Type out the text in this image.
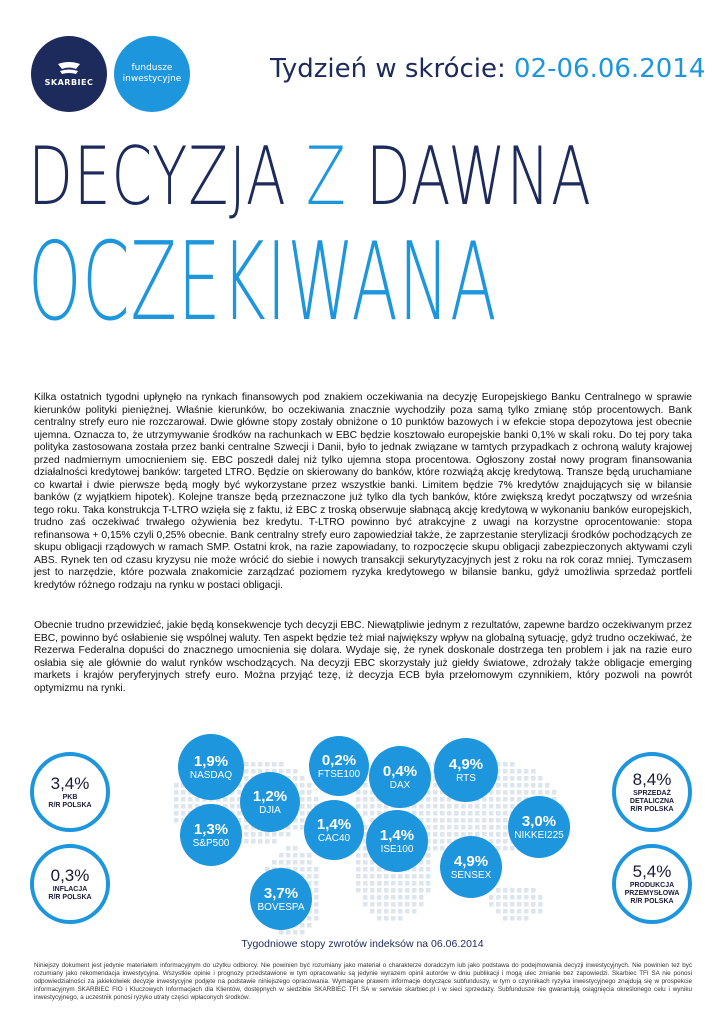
SKARBIEC
fundusze
inwestycyjne	Tydzień w skrócie: 02-06.06.2014
DECYZJA Z DAWNA
OCZEKIWANA
Kilka ostatnich tygodni upłynęło na rynkach finansowych pod znakiem oczekiwania na decyzję Europejskiego Banku Centralnego w sprawie kierunków polityki pieniężnej. Właśnie kierunków, bo oczekiwania znacznie wychodziły poza samą tylko zmianę stóp procentowych. Bank centralny strefy euro nie rozczarował. Dwie główne stopy zostały obniżone o 10 punktów bazowych i w efekcie stopa depozytowa jest obecnie ujemna. Oznacza to, że utrzymywanie środków na rachunkach w EBC będzie kosztowało europejskie banki 0,1% w skali roku. Do tej pory taka polityka zastosowana została przez banki centralne Szwecji i Danii, było to jednak związane w tamtych przypadkach z ochroną waluty krajowej przed nadmiernym umocnieniem się. EBC poszedł dalej niż tylko ujemna stopa procentowa. Ogłoszony został nowy program finansowania działalności kredytowej banków: targeted LTRO. Będzie on skierowany do banków, które rozwiążą akcję kredytową. Transze będą uruchamiane co kwartał i dwie pierwsze będą mogły być wykorzystane przez wszystkie banki. Limitem będzie 7% kredytów znajdujących się w bilansie banków (z wyjątkiem hipotek). Kolejne transze będą przeznaczone już tylko dla tych banków, które zwiększą kredyt początwszy od września tego roku. Taka konstrukcja T-LTRO wzięła się z faktu, iż EBC z troską obserwuje słabnącą akcję kredytową w wykonaniu banków europejskich, trudno zaś oczekiwać trwałego ożywienia bez kredytu. T-LTRO powinno być atrakcyjne z uwagi na korzystne oprocentowanie: stopa refinansowa + 0,15% czyli 0,25% obecnie. Bank centralny strefy euro zapowiedział także, że zaprzestanie sterylizacji środków pochodzących ze skupu obligacji rządowych w ramach SMP. Ostatni krok, na razie zapowiadany, to rozpoczęcie skupu obligacji zabezpieczonych aktywami czyli ABS. Rynek ten od czasu kryzysu nie może wrócić do siebie i nowych transakcji sekurytyzacyjnych jest z roku na rok coraz mniej. Tymczasem jest to narzędzie, które pozwala znakomicie zarządzać poziomem ryzyka kredytowego w bilansie banku, gdyż umożliwia sprzedaż portfeli kredytów różnego rodzaju na rynku w postaci obligacji.
Obecnie trudno przewidzieć, jakie będą konsekwencje tych decyzji EBC. Niewątpliwie jednym z rezultatów, zapewne bardzo oczekiwanym przez EBC, powinno być osłabienie się wspólnej waluty. Ten aspekt będzie też miał największy wpływ na globalną sytuację, gdyż trudno oczekiwać, że Rezerwa Federalna dopuści do znacznego umocnienia się dolara. Wydaje się, że rynek doskonale dostrzega ten problem i jak na razie euro osłabia się ale głównie do walut rynków wschodzących. Na decyzji EBC skorzystały już giełdy światowe, zdrożały także obligacje emerging markets i krajów peryferyjnych strefy euro. Można przyjąć tezę, iż decyzja ECB była przełomowym czynnikiem, który pozwoli na powrót optymizmu na rynki.
3,4%
PKB
R/R POLSKA
0,3%
INFLACJA
R/R POLSKA
8,4%
SPRZEDAŻ
DETALICZNA
R/R POLSKA
5,4%
PRODUKCJA
PRZEMYSŁOWA
R/R POLSKA
1,9%
NASDAQ
1,3%
S&P500
1,2%
DJIA
0,2%
FTSE100
1,4%
CAC40
0,4%
DAX
1,4%
ISE100
4,9%
RTS
4,9%
SENSEX
3,0%
NIKKEI225
3,7%
BOVESPA
Tygodniowe stopy zwrotów indeksów na 06.06.2014
Niniejszy dokument jest jedynie materiałem informacyjnym do użytku odbiorcy. Nie powinien być rozumiany jako materiał o charakterze doradczym lub jako podstawa do podejmowania decyzji inwestycyjnych. Nie powinien też być rozumiany jako rekomendacja inwestycyjna. Wszystkie opinie i prognozy przedstawione w tym opracowaniu są jedynie wyrazem opinii autorów w dniu publikacji i mogą ulec zmianie bez zapowiedzi. Skarbiec TFI SA nie ponosi odpowiedzialności za jakiekolwiek decyzje inwestycyjne podjęte na podstawie niniejszego opracowania. Wymagane prawem informacje dotyczące subfunduszy, w tym o czynnikach ryzyka inwestycyjnego znajdują się w prospekcie informacyjnym SKARBIEC FIO i Kluczowych Informacjach dla Klientów, dostępnych w siedzibie SKARBIEC TFI SA w serwisie skarbiec.pl i w sieci sprzedaży. Subfundusze nie gwarantują osiągnięcia określonego celu i wyniku inwestycyjnego, a uczestnik ponosi ryzyko utraty części wpłaconych środków.
